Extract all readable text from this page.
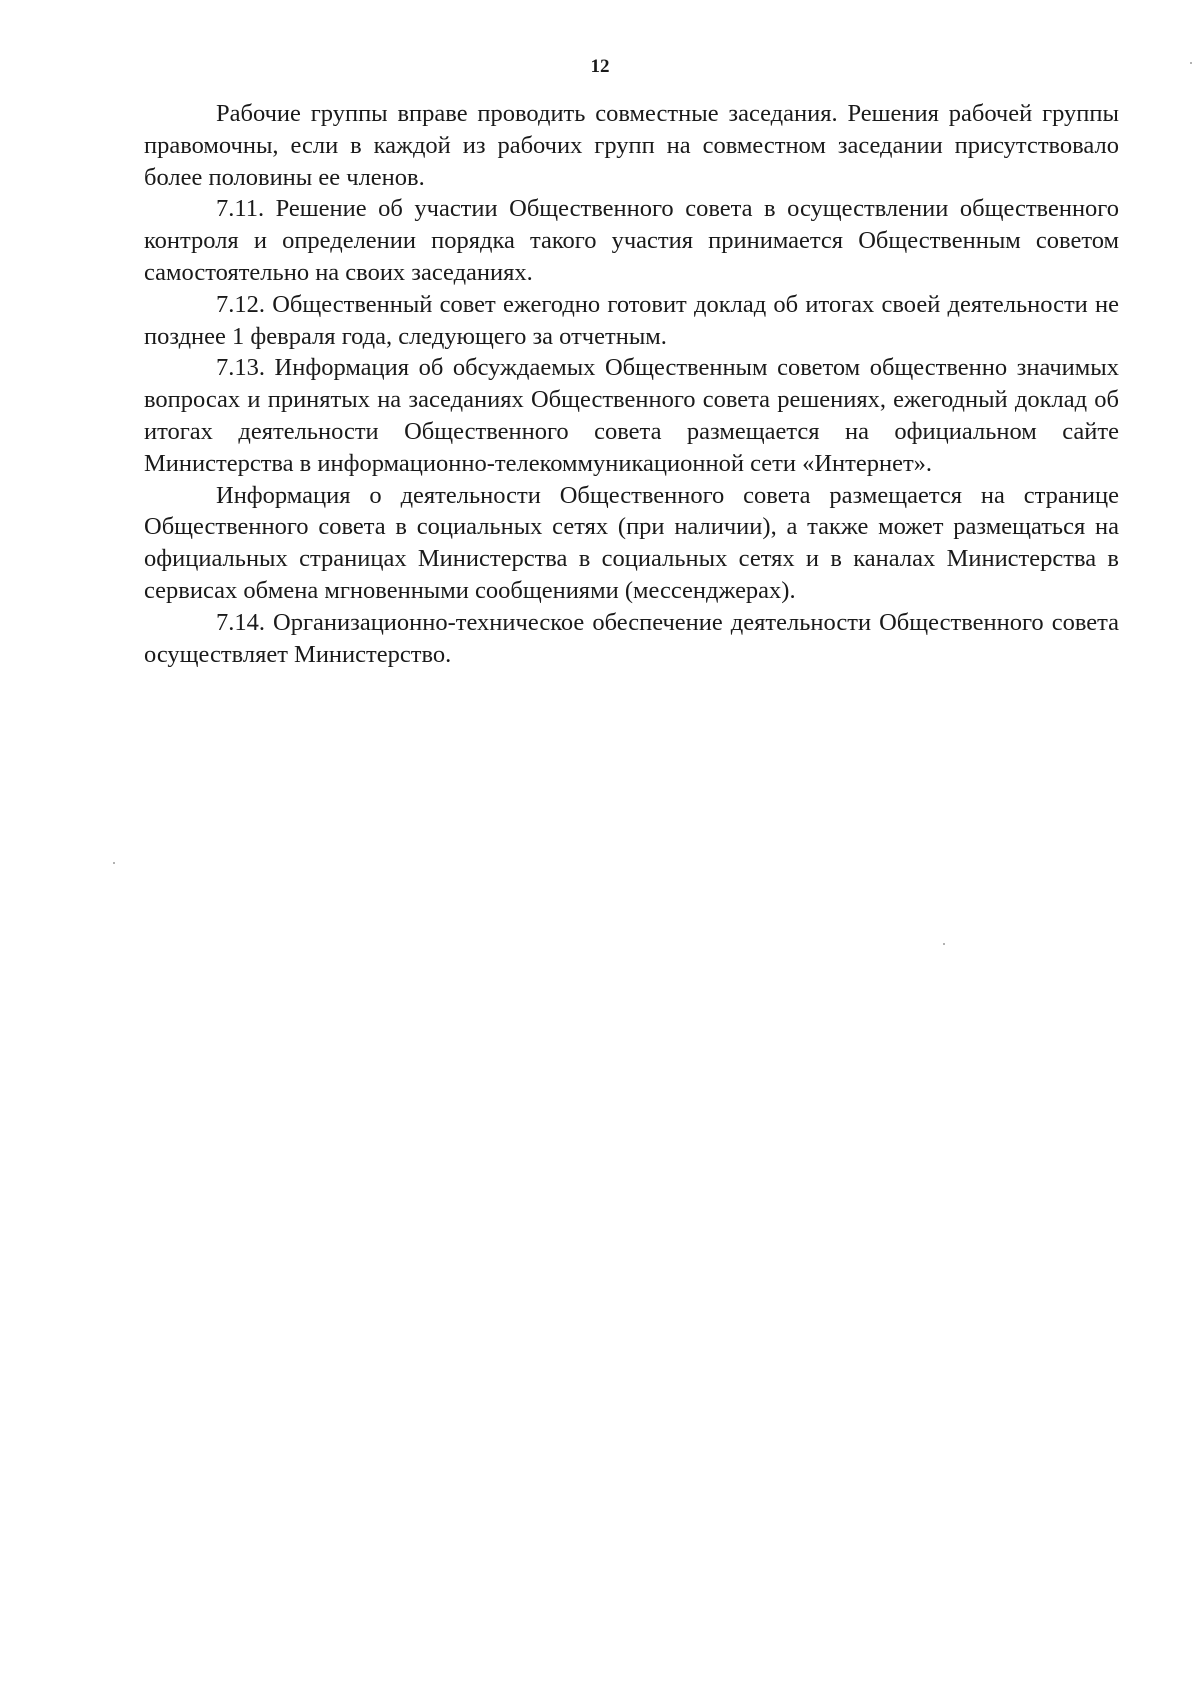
12

Рабочие группы вправе проводить совместные заседания. Решения рабочей группы правомочны, если в каждой из рабочих групп на совместном заседании присутствовало более половины ее членов.

7.11. Решение об участии Общественного совета в осуществлении общественного контроля и определении порядка такого участия принимается Общественным советом самостоятельно на своих заседаниях.

7.12. Общественный совет ежегодно готовит доклад об итогах своей деятельности не позднее 1 февраля года, следующего за отчетным.

7.13. Информация об обсуждаемых Общественным советом общественно значимых вопросах и принятых на заседаниях Общественного совета решениях, ежегодный доклад об итогах деятельности Общественного совета размещается на официальном сайте Министерства в информационно-телекоммуникационной сети «Интернет».

Информация о деятельности Общественного совета размещается на странице Общественного совета в социальных сетях (при наличии), а также может размещаться на официальных страницах Министерства в социальных сетях и в каналах Министерства в сервисах обмена мгновенными сообщениями (мессенджерах).

7.14. Организационно-техническое обеспечение деятельности Общественного совета осуществляет Министерство.
